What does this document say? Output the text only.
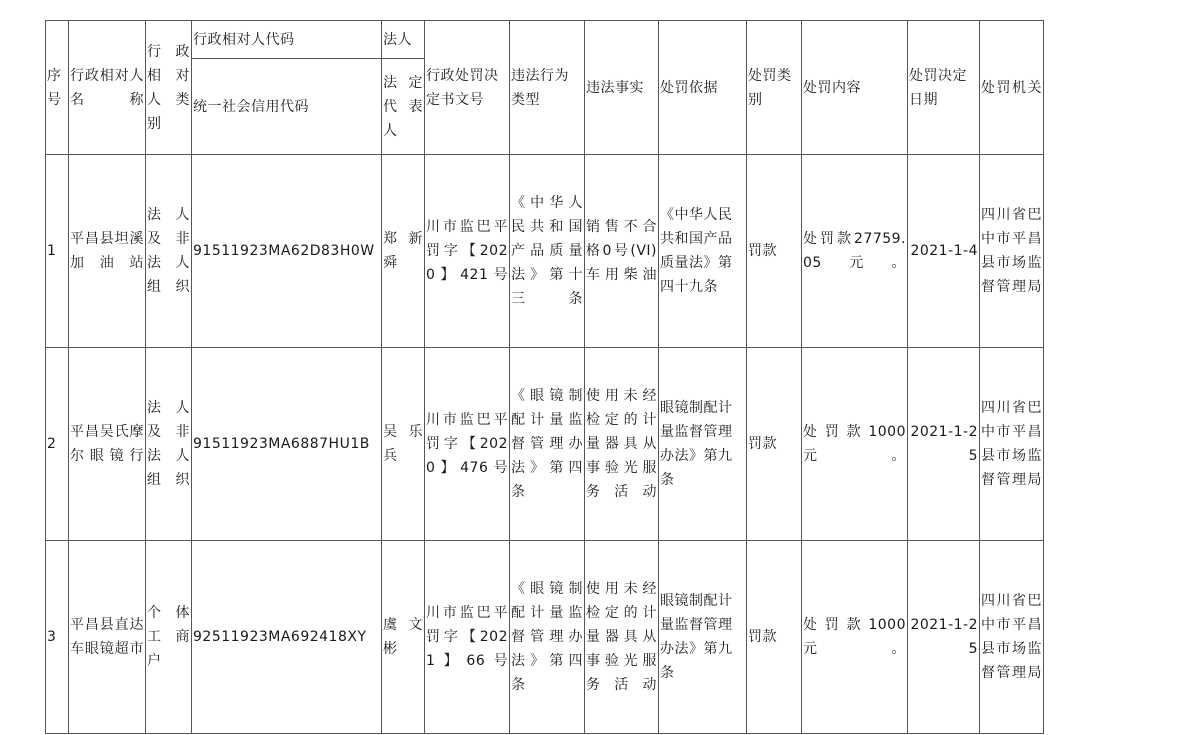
序号	行政相对人名称	行政相对人类别	行政相对人代码	法人	行政处罚决定书文号	违法行为类型	违法事实	处罚依据	处罚类别	处罚内容	处罚决定日期	处罚机关
			统一社会信用代码	法定代表人								
1	平昌县坦溪加油站	法人及非法人组织	91511923MA62D83H0W	郑新舜	川市监巴平罚字【2020】421号	《中华人民共和国产品质量法》第十三条	销售不合格0号(VI)车用柴油	《中华人民共和国产品质量法》第四十九条	罚款	处罚款27759.05元。	2021-1-4	四川省巴中市平昌县市场监督管理局
2	平昌吴氏摩尔眼镜行	法人及非法人组织	91511923MA6887HU1B	吴乐兵	川市监巴平罚字【2020】476号	《眼镜制配计量监督管理办法》第四条	使用未经检定的计量器具从事验光服务活动	眼镜制配计量监督管理办法》第九条	罚款	处罚款1000元。	2021-1-25	四川省巴中市平昌县市场监督管理局
3	平昌县直达车眼镜超市	个体工商户	92511923MA692418XY	虞文彬	川市监巴平罚字【2021】66号	《眼镜制配计量监督管理办法》第四条	使用未经检定的计量器具从事验光服务活动	眼镜制配计量监督管理办法》第九条	罚款	处罚款1000元。	2021-1-25	四川省巴中市平昌县市场监督管理局
